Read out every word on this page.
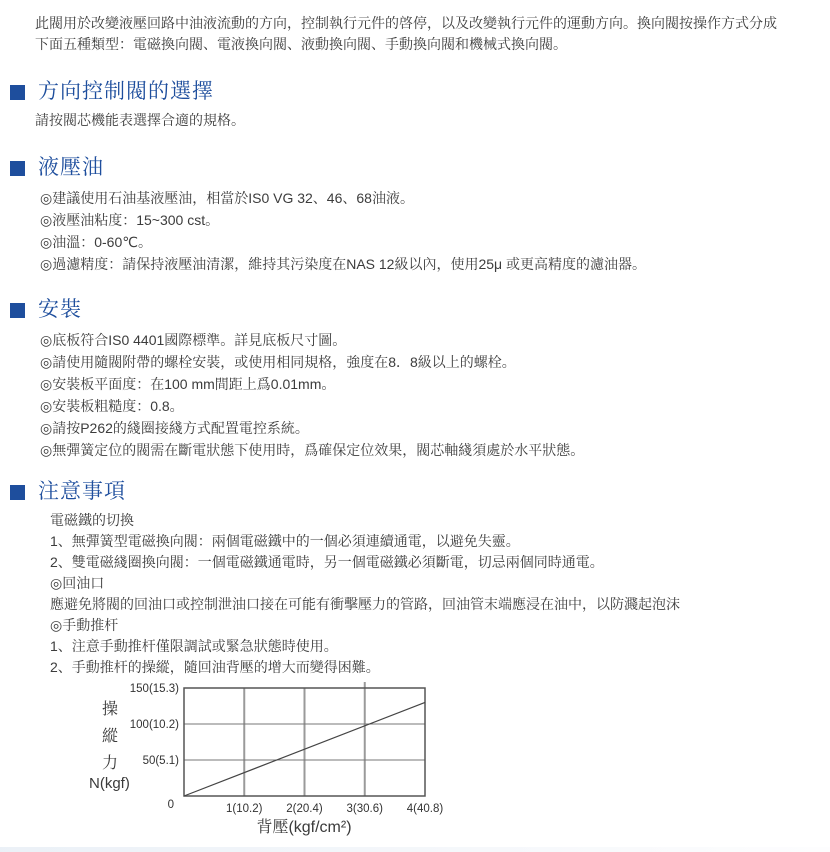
此閥用於改變液壓回路中油液流動的方向，控制執行元件的啓停，以及改變執行元件的運動方向。換向閥按操作方式分成
下面五種類型：電磁換向閥、電液換向閥、液動換向閥、手動換向閥和機械式換向閥。

方向控制閥的選擇
請按閥芯機能表選擇合適的規格。
液壓油
◎建議使用石油基液壓油，相當於IS0 VG 32、46、68油液。
◎液壓油粘度：15~300 cst。
◎油溫：0-60℃。
◎過濾精度：請保持液壓油清潔，維持其污染度在NAS 12級以內，使用25μ 或更高精度的濾油器。
安裝
◎底板符合IS0 4401國際標準。詳見底板尺寸圖。
◎請使用隨閥附帶的螺栓安裝，或使用相同規格，強度在8．8級以上的螺栓。
◎安裝板平面度：在100 mm間距上爲0.01mm。
◎安裝板粗糙度：0.8。
◎請按P262的綫圈接綫方式配置電控系統。
◎無彈簧定位的閥需在斷電狀態下使用時，爲確保定位效果，閥芯軸綫須處於水平狀態。
注意事項
電磁鐵的切換
1、無彈簧型電磁換向閥：兩個電磁鐵中的一個必須連續通電，以避免失靈。
2、雙電磁綫圈換向閥：一個電磁鐵通電時，另一個電磁鐵必須斷電，切忌兩個同時通電。
◎回油口
應避免將閥的回油口或控制泄油口接在可能有衝擊壓力的管路，回油管末端應浸在油中，以防濺起泡沫
◎手動推杆
1、注意手動推杆僅限調試或緊急狀態時使用。
2、手動推杆的操縱，隨回油背壓的增大而變得困難。
操
縱
力
N(kgf)
背壓(kgf/cm²)
0	1(10.2) 2(20.4) 3(30.6) 4(40.8)
50(5.1)
100(10.2)
150(15.3)
